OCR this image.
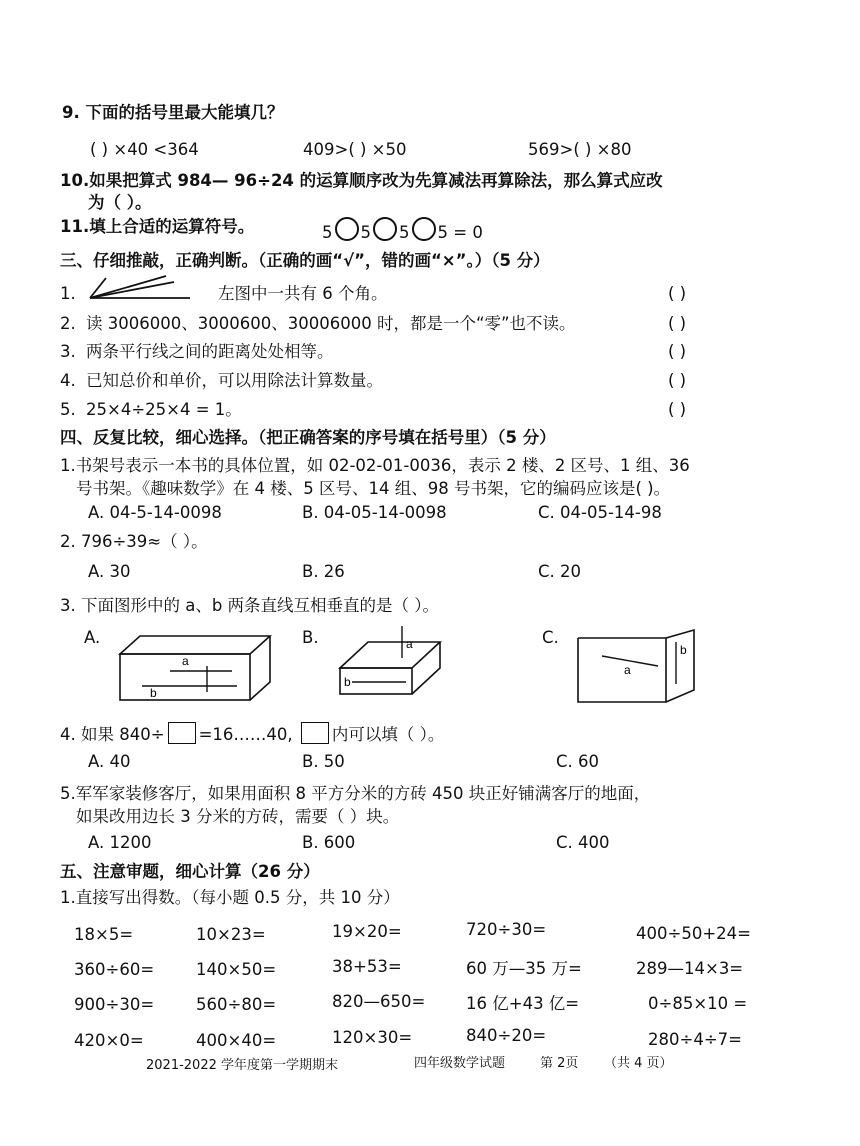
9. 下面的括号里最大能填几？
( ) ×40 <364	409>( ) ×50	569>( ) ×80
10.如果把算式 984— 96÷24 的运算顺序改为先算减法再算除法，那么算式应改
为（ ）。
11.填上合适的运算符号。	5 5 5 5 = 0
三、仔细推敲，正确判断。（正确的画“√”，错的画“×”。）（5 分）
1.	左图中一共有 6 个角。	( )
2. 读 3006000、3000600、30006000 时，都是一个“零”也不读。	( )
3. 两条平行线之间的距离处处相等。	( )
4. 已知总价和单价，可以用除法计算数量。	( )
5. 25×4÷25×4 = 1。	( )
四、反复比较，细心选择。（把正确答案的序号填在括号里）（5 分）
1.书架号表示一本书的具体位置，如 02-02-01-0036，表示 2 楼、2 区号、1 组、36
号书架。《趣味数学》在 4 楼、5 区号、14 组、98 号书架，它的编码应该是( )。
A. 04-5-14-0098	B. 04-05-14-0098	C. 04-05-14-98
2. 796÷39≈（ ）。
A. 30	B. 26	C. 20
3. 下面图形中的 a、b 两条直线互相垂直的是（ ）。
A.	B.	C.
a
b
a
b
a
b
4. 如果 840÷ =16……40, 内可以填（ ）。
A. 40	B. 50	C. 60
5.军军家装修客厅，如果用面积 8 平方分米的方砖 450 块正好铺满客厅的地面，
如果改用边长 3 分米的方砖，需要（ ）块。
A. 1200	B. 600	C. 400
五、注意审题，细心计算（26 分）
1.直接写出得数。（每小题 0.5 分，共 10 分）
18×5=	10×23=	19×20=	720÷30=	400÷50+24=
360÷60=	140×50=	38+53=	60 万—35 万=	289—14×3=
900÷30=	560÷80=	820—650= 16 亿+43 亿=	0÷85×10 =
420×0=	400×40=	120×30=	840÷20=	280÷4÷7=
2021-2022 学年度第一学期期末	四年级数学试题	第 2页 （共 4 页）
